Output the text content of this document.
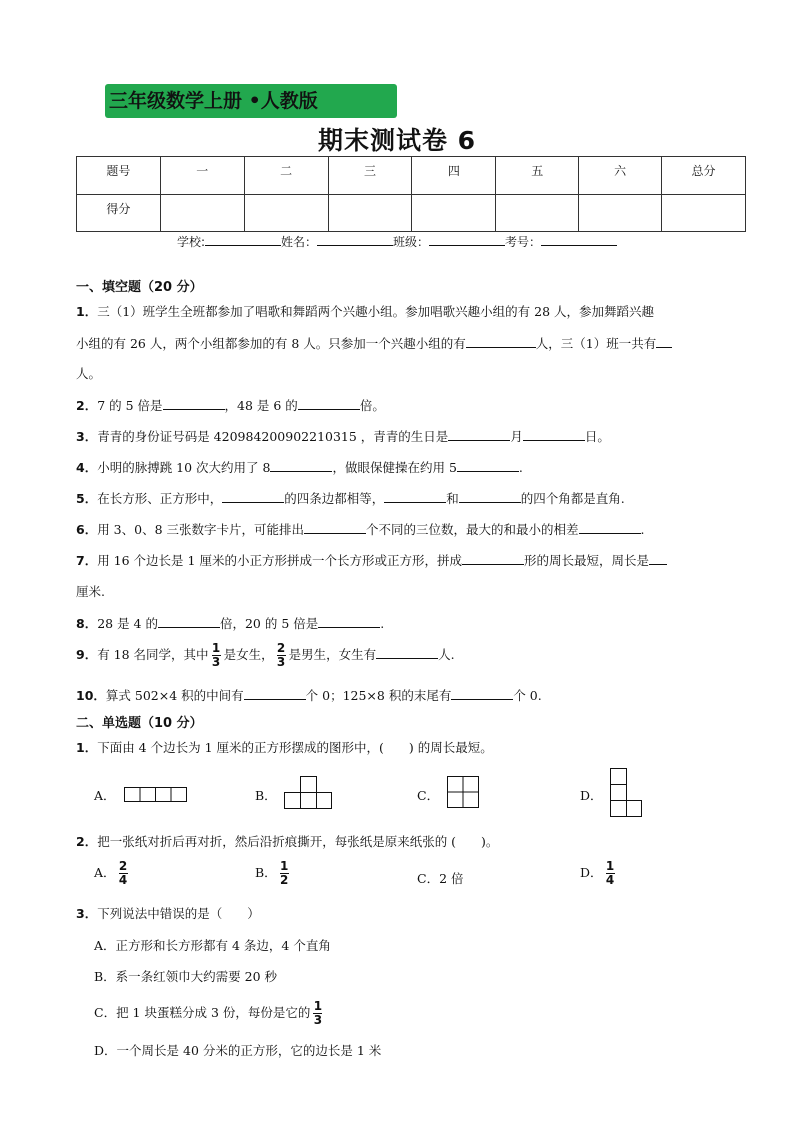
三年级数学上册 •人教版
期末测试卷 6
题号	一	二	三	四	五	六	总分
得分							
学校:	姓名：	班级：	考号：
一、填空题（20 分）
1．三（1）班学生全班都参加了唱歌和舞蹈两个兴趣小组。参加唱歌兴趣小组的有 28 人，参加舞蹈兴趣
小组的有 26 人，两个小组都参加的有 8 人。只参加一个兴趣小组的有	人，三（1）班一共有
人。
2．7 的 5 倍是	，48 是 6 的	倍。
3．青青的身份证号码是 420984200902210315 ，青青的生日是	月	日。
4．小明的脉搏跳 10 次大约用了 8	，做眼保健操在约用 5	.
5．在长方形、正方形中，	的四条边都相等，	和	的四个角都是直角.
6．用 3、0、8 三张数字卡片，可能排出	个不同的三位数，最大的和最小的相差	.
7．用 16 个边长是 1 厘米的小正方形拼成一个长方形或正方形，拼成	形的周长最短，周长是
厘米.
8．28 是 4 的	倍，20 的 5 倍是	.
9．有 18 名同学，其中 $\frac{1}{3}$ 是女生， $\frac{2}{3}$ 是男生，女生有	人.
10．算式 502×4 积的中间有	个 0；125×8 积的末尾有	个 0.
二、单选题（10 分）
1．下面由 4 个边长为 1 厘米的正方形摆成的图形中，(　　) 的周长最短。
A．	B．	C．	D．
2．把一张纸对折后再对折，然后沿折痕撕开，每张纸是原来纸张的 (　　)。
A． $\frac{2}{4}$	B． $\frac{1}{2}$	C．2 倍	D． $\frac{1}{4}$
3．下列说法中错误的是（　　）
A．正方形和长方形都有 4 条边，4 个直角
B．系一条红领巾大约需要 20 秒
C．把 1 块蛋糕分成 3 份，每份是它的 $\frac{1}{3}$
D．一个周长是 40 分米的正方形，它的边长是 1 米
